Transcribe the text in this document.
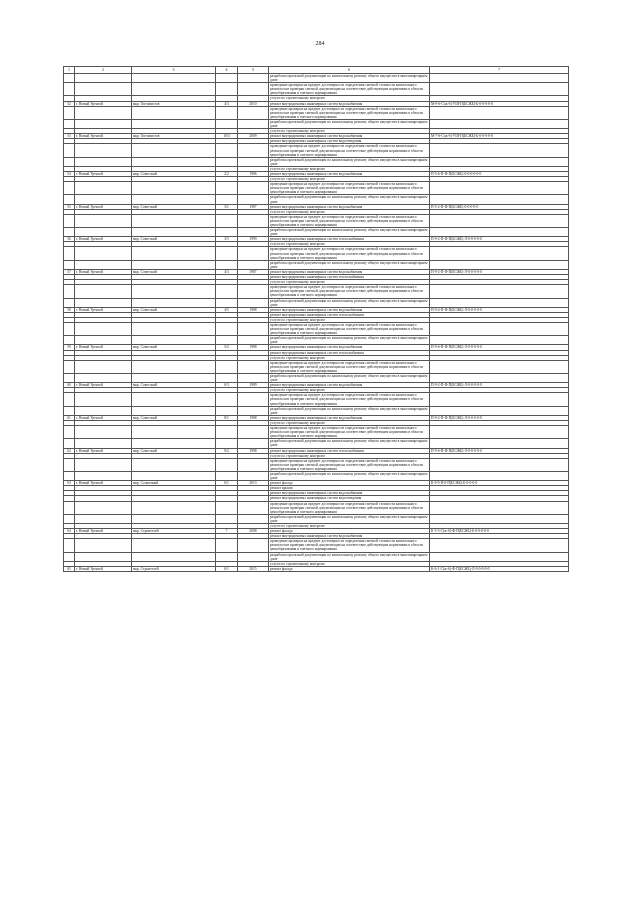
284
1	2	3	4	5	6	7
					разработка проектной документации по капитальному ремонту общего имущества в многоквартирном доме	
					проведение проверки на предмет достоверности определения сметной стоимости капитального ремонта или проверки сметной документации на соответствие действующим нормативам в области ценообразования и сметного нормирования	
					услуги по строительному контролю	
52	г. Новый Уренгой	мкр. Оптимистов	4/3	2010	ремонт внутридомовых инженерных систем водоснабжения	М-9-6-С(ж-б)-УШ-П(БСЖБ)-Б-0-0-0-0-0
					проведение проверки на предмет достоверности определения сметной стоимости капитального ремонта или проверки сметной документации на соответствие действующим нормативам в области ценообразования в сметного нормирования	
					разработка проектной документации по капитальному ремонту общего имущества в многоквартирном доме	
					услуги по строительному контролю	
53	г. Новый Уренгой	мкр. Оптимистов	10/3	2009	ремонт внутридомовых инженерных систем водоснабжения	М-7-6-С(ж-б)-УШ-П(БСЖБ)-Б-0-0-0-0-0
					ремонт внутридомовых инженерных систем водоотведения	
					проведение проверки на предмет достоверности определения сметной стоимости капитального ремонта или проверки сметной документации на соответствие действующим нормативам в области ценообразования и сметного нормирования	
					разработка проектной документации по капитальному ремонту общего имущества в многоквартирном доме	
					услуги по строительному контролю	
54	г. Новый Уренгой	мкр. Советский	2/2	1986	ремонт внутридомовых инженерных систем водоснабжения	П-5-6-П-Ф-П(БСЖБ)-0-0-0-0-0-0
					услуги по строительному контролю	
					проведение проверки на предмет достоверности определения сметной стоимости капитального ремонта или проверки сметной документации на соответствие действующим нормативам в области ценообразования и сметного нормирования	
					разработка проектной документации по капитальному ремонту общего имущества в многоквартирном доме	
55	г. Новый Уренгой	мкр. Советский	3/1	1987	ремонт внутридомовых инженерных систем водоснабжения	П-5-2-П-Ф-П(БСЖБ)-0-0-0-0-0
					услуги по строительному контролю	
					проведение проверки на предмет достоверности определения сметной стоимости капитального ремонта или проверки сметной документации на соответствие действующим нормативам в области ценообразования и сметного нормирования	
					разработка проектной документации по капитальному ремонту общего имущества в многоквартирном доме	
56	г. Новый Уренгой	мкр. Советский	3/5	1999	ремонт внутридомовых инженерных систем теплоснабжения	П-9-2-П-Ф-П(БСЖБ)-Л-0-0-0-0-0
					услуги по строительному контролю	
					проведение проверки на предмет достоверности определения сметной стоимости капитального ремонта или проверки сметной документации на соответствие действующим нормативам в области ценообразования и сметного нормирования	
					разработка проектной документации по капитальному ремонту общего имущества в многоквартирном доме	
57	г. Новый Уренгой	мкр. Советский	4/3	1987	ремонт внутридомовых инженерных систем водоснабжения	П-9-2-П-Ф-П(БСЖБ)-Л-0-0-0-0-0
					ремонт внутридомовых инженерных систем теплоснабжения	
					услуги по строительному контролю	
					проведение проверки на предмет достоверности определения сметной стоимости капитального ремонта или проверки сметной документации на соответствие действующим нормативам в области ценообразования и сметного нормирования	
					разработка проектной документации по капитальному ремонту общего имущества в многоквартирном доме	
58	г. Новый Уренгой	мкр. Советский	4/5	1988	ремонт внутридомовых инженерных систем водоснабжения	П-9-4-П-Ф-П(БСЖБ)-Л-0-0-0-0-0
					ремонт внутридомовых инженерных систем теплоснабжения	
					услуги по строительному контролю	
					проведение проверки на предмет достоверности определения сметной стоимости капитального ремонта или проверки сметной документации на соответствие действующим нормативам в области ценообразования и сметного нормирования	
					разработка проектной документации по капитальному ремонту общего имущества в многоквартирном доме	
59	г. Новый Уренгой	мкр. Советский	5/2	1988	ремонт внутридомовых инженерных систем водоснабжения	П-9-6-П-Ф-П(БСЖБ)-Л-0-0-0-0-0
					ремонт внутридомовых инженерных систем теплоснабжения	
					услуги по строительному контролю	
					проведение проверки на предмет достоверности определения сметной стоимости капитального ремонта или проверки сметной документации на соответствие действующим нормативам в области ценообразования и сметного нормирования	
					разработка проектной документации по капитальному ремонту общего имущества в многоквартирном доме	
60	г. Новый Уренгой	мкр. Советский	6/3	1989	ремонт внутридомовых инженерных систем водоснабжения	П-9-2-П-Ф-П(БСЖБ)-Л-0-0-0-0-0
					услуги по строительному контролю	
					проведение проверки на предмет достоверности определения сметной стоимости капитального ремонта или проверки сметной документации на соответствие действующим нормативам в области ценообразования и сметного нормирования	
					разработка проектной документации по капитальному ремонту общего имущества в многоквартирном доме	
61	г. Новый Уренгой	мкр. Советский	8/1	1988	ремонт внутридомовых инженерных систем водоснабжения	П-9-2-П-Ф-П(БСЖБ)-Л-0-0-0-0-0
					услуги по строительному контролю	
					проведение проверки на предмет достоверности определения сметной стоимости капитального ремонта или проверки сметной документации на соответствие действующим нормативам в области ценообразования и сметного нормирования	
					разработка проектной документации по капитальному ремонту общего имущества в многоквартирном доме	
62	г. Новый Уренгой	мкр. Советский	9/2	1998	ремонт внутридомовых инженерных систем теплоснабжения	П-9-6-П-Ф-П(БСЖБ)-Л-0-0-0-0-0
					услуги по строительному контролю	
					проведение проверки на предмет достоверности определения сметной стоимости капитального ремонта или проверки сметной документации на соответствие действующим нормативам в области ценообразования и сметного нормирования	
					разработка проектной документации по капитальному ремонту общего имущества в многоквартирном доме	
63	г. Новый Уренгой	мкр. Солнечный	6/1	2013	ремонт фасада	К-9-9-П-0-П(БСЖБ)-Б-0-0-0-0
					ремонт крыши	
					ремонт внутридомовых инженерных систем водоснабжения	
					ремонт внутридомовых инженерных систем водоотведения	
					проведение проверки на предмет достоверности определения сметной стоимости капитального ремонта или проверки сметной документации на соответствие действующим нормативам в области ценообразования и сметного нормирования	
					разработка проектной документации по капитальному ремонту общего имущества в многоквартирном доме	
					услуги по строительному контролю	
64	г. Новый Уренгой	мкр. Строителей	7	2008	ремонт фасада	К-5-3-С(ж-б)-Ф-П(БСЖБ)-Б-0-0-0-0-0
					ремонт внутридомовых инженерных систем водоснабжения	
					проведение проверки на предмет достоверности определения сметной стоимости капитального ремонта или проверки сметной документации на соответствие действующим нормативам в области ценообразования и сметного нормирования	
					разработка проектной документации по капитальному ремонту общего имущества в многоквартирном доме	
					услуги по строительному контролю	
65	г. Новый Уренгой	мкр. Строителей	6/1	2015	ремонт фасада	К-6-1-С(ж-б)-Ф-П(БСЖБ)-Л-0-0-0-0-0
